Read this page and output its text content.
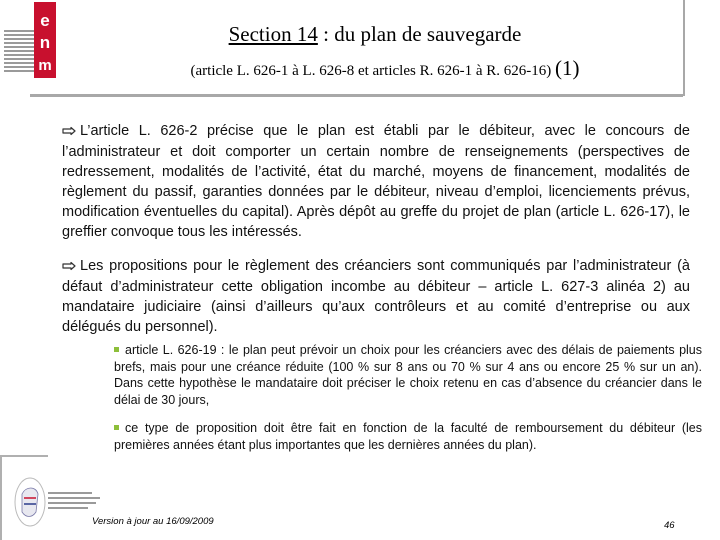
e
n
m
Section 14 : du plan de sauvegarde
(article L. 626-1 à L. 626-8 et articles R. 626-1 à R. 626-16) (1)
L’article L. 626-2 précise que le plan est établi par le débiteur, avec le concours de l’administrateur et doit comporter un certain nombre de renseignements (perspectives de redressement, modalités de l’activité, état du marché, moyens de financement, modalités de règlement du passif, garanties données par le débiteur, niveau d’emploi, licenciements prévus, modification éventuelles du capital). Après dépôt au greffe du projet de plan (article L. 626-17), le greffier convoque tous les intéressés.
Les propositions pour le règlement des créanciers sont communiqués par l’administrateur (à défaut d’administrateur cette obligation incombe au débiteur – article L. 627-3 alinéa 2) au mandataire judiciaire (ainsi d’ailleurs qu’aux contrôleurs et au comité d’entreprise ou aux délégués du personnel).
article L. 626-19 : le plan peut prévoir un choix pour les créanciers avec des délais de paiements plus brefs, mais pour une créance réduite (100 % sur 8 ans ou 70 % sur 4 ans ou encore 25 % sur un an). Dans cette hypothèse le mandataire doit préciser le choix retenu en cas d’absence du créancier dans le délai de 30 jours,
ce type de proposition doit être fait en fonction de la faculté de remboursement du débiteur (les premières années étant plus importantes que les dernières années du plan).
Version à jour au 16/09/2009	46
